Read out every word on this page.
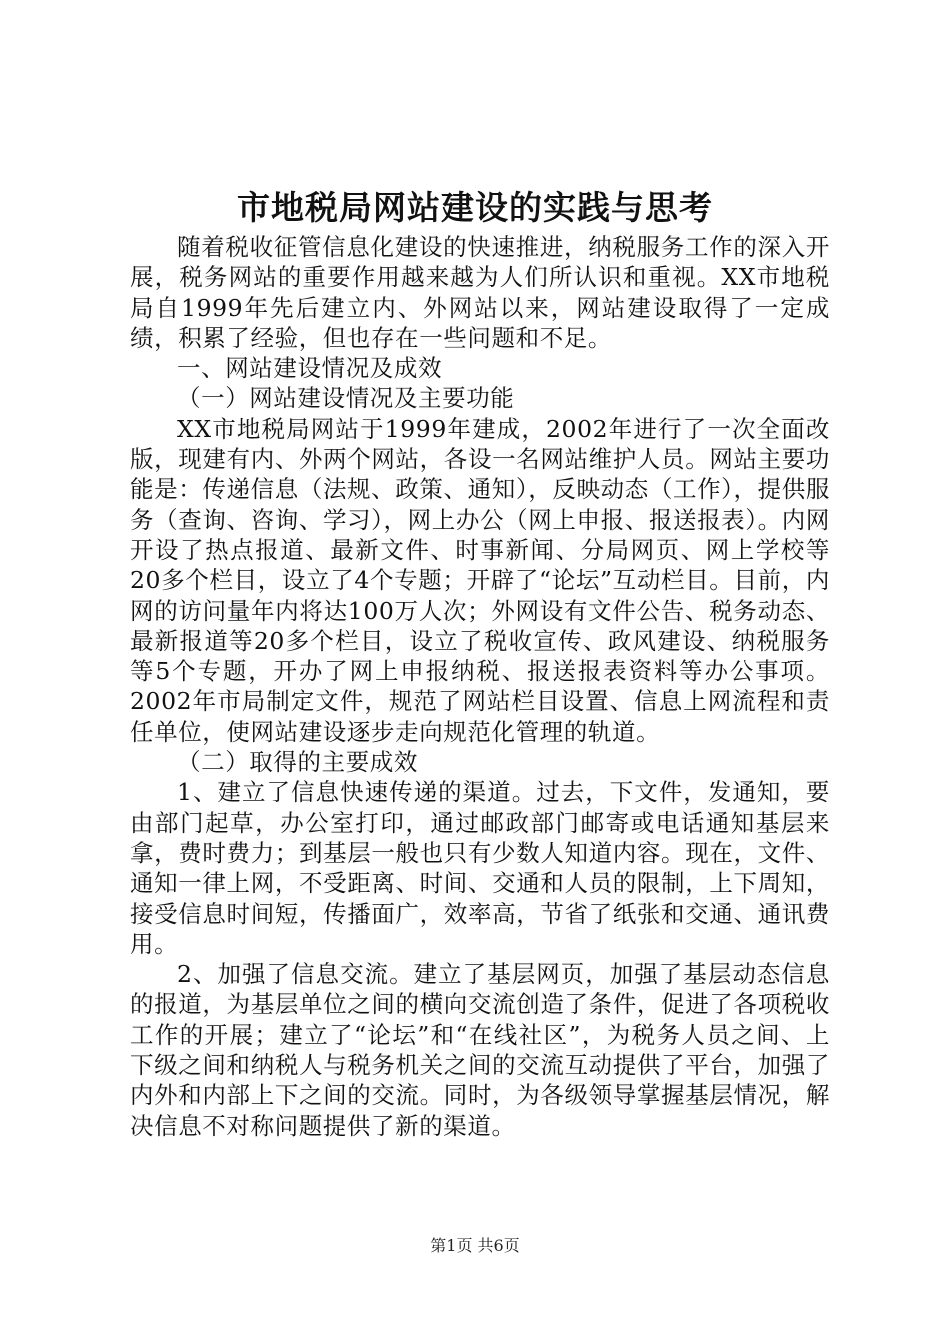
市地税局网站建设的实践与思考

随着税收征管信息化建设的快速推进，纳税服务工作的深入开展，税务网站的重要作用越来越为人们所认识和重视。XX市地税局自1999年先后建立内、外网站以来，网站建设取得了一定成绩，积累了经验，但也存在一些问题和不足。

一、网站建设情况及成效

（一）网站建设情况及主要功能

XX市地税局网站于1999年建成，2002年进行了一次全面改版，现建有内、外两个网站，各设一名网站维护人员。网站主要功能是：传递信息（法规、政策、通知），反映动态（工作），提供服务（查询、咨询、学习），网上办公（网上申报、报送报表）。内网开设了热点报道、最新文件、时事新闻、分局网页、网上学校等20多个栏目，设立了4个专题；开辟了“论坛”互动栏目。目前，内网的访问量年内将达100万人次；外网设有文件公告、税务动态、最新报道等20多个栏目，设立了税收宣传、政风建设、纳税服务等5个专题，开办了网上申报纳税、报送报表资料等办公事项。2002年市局制定文件，规范了网站栏目设置、信息上网流程和责任单位，使网站建设逐步走向规范化管理的轨道。

（二）取得的主要成效

1、建立了信息快速传递的渠道。过去，下文件，发通知，要由部门起草，办公室打印，通过邮政部门邮寄或电话通知基层来拿，费时费力；到基层一般也只有少数人知道内容。现在，文件、通知一律上网，不受距离、时间、交通和人员的限制，上下周知，接受信息时间短，传播面广，效率高，节省了纸张和交通、通讯费用。

2、加强了信息交流。建立了基层网页，加强了基层动态信息的报道，为基层单位之间的横向交流创造了条件，促进了各项税收工作的开展；建立了“论坛”和“在线社区”，为税务人员之间、上下级之间和纳税人与税务机关之间的交流互动提供了平台，加强了内外和内部上下之间的交流。同时，为各级领导掌握基层情况，解决信息不对称问题提供了新的渠道。

第1页 共6页
